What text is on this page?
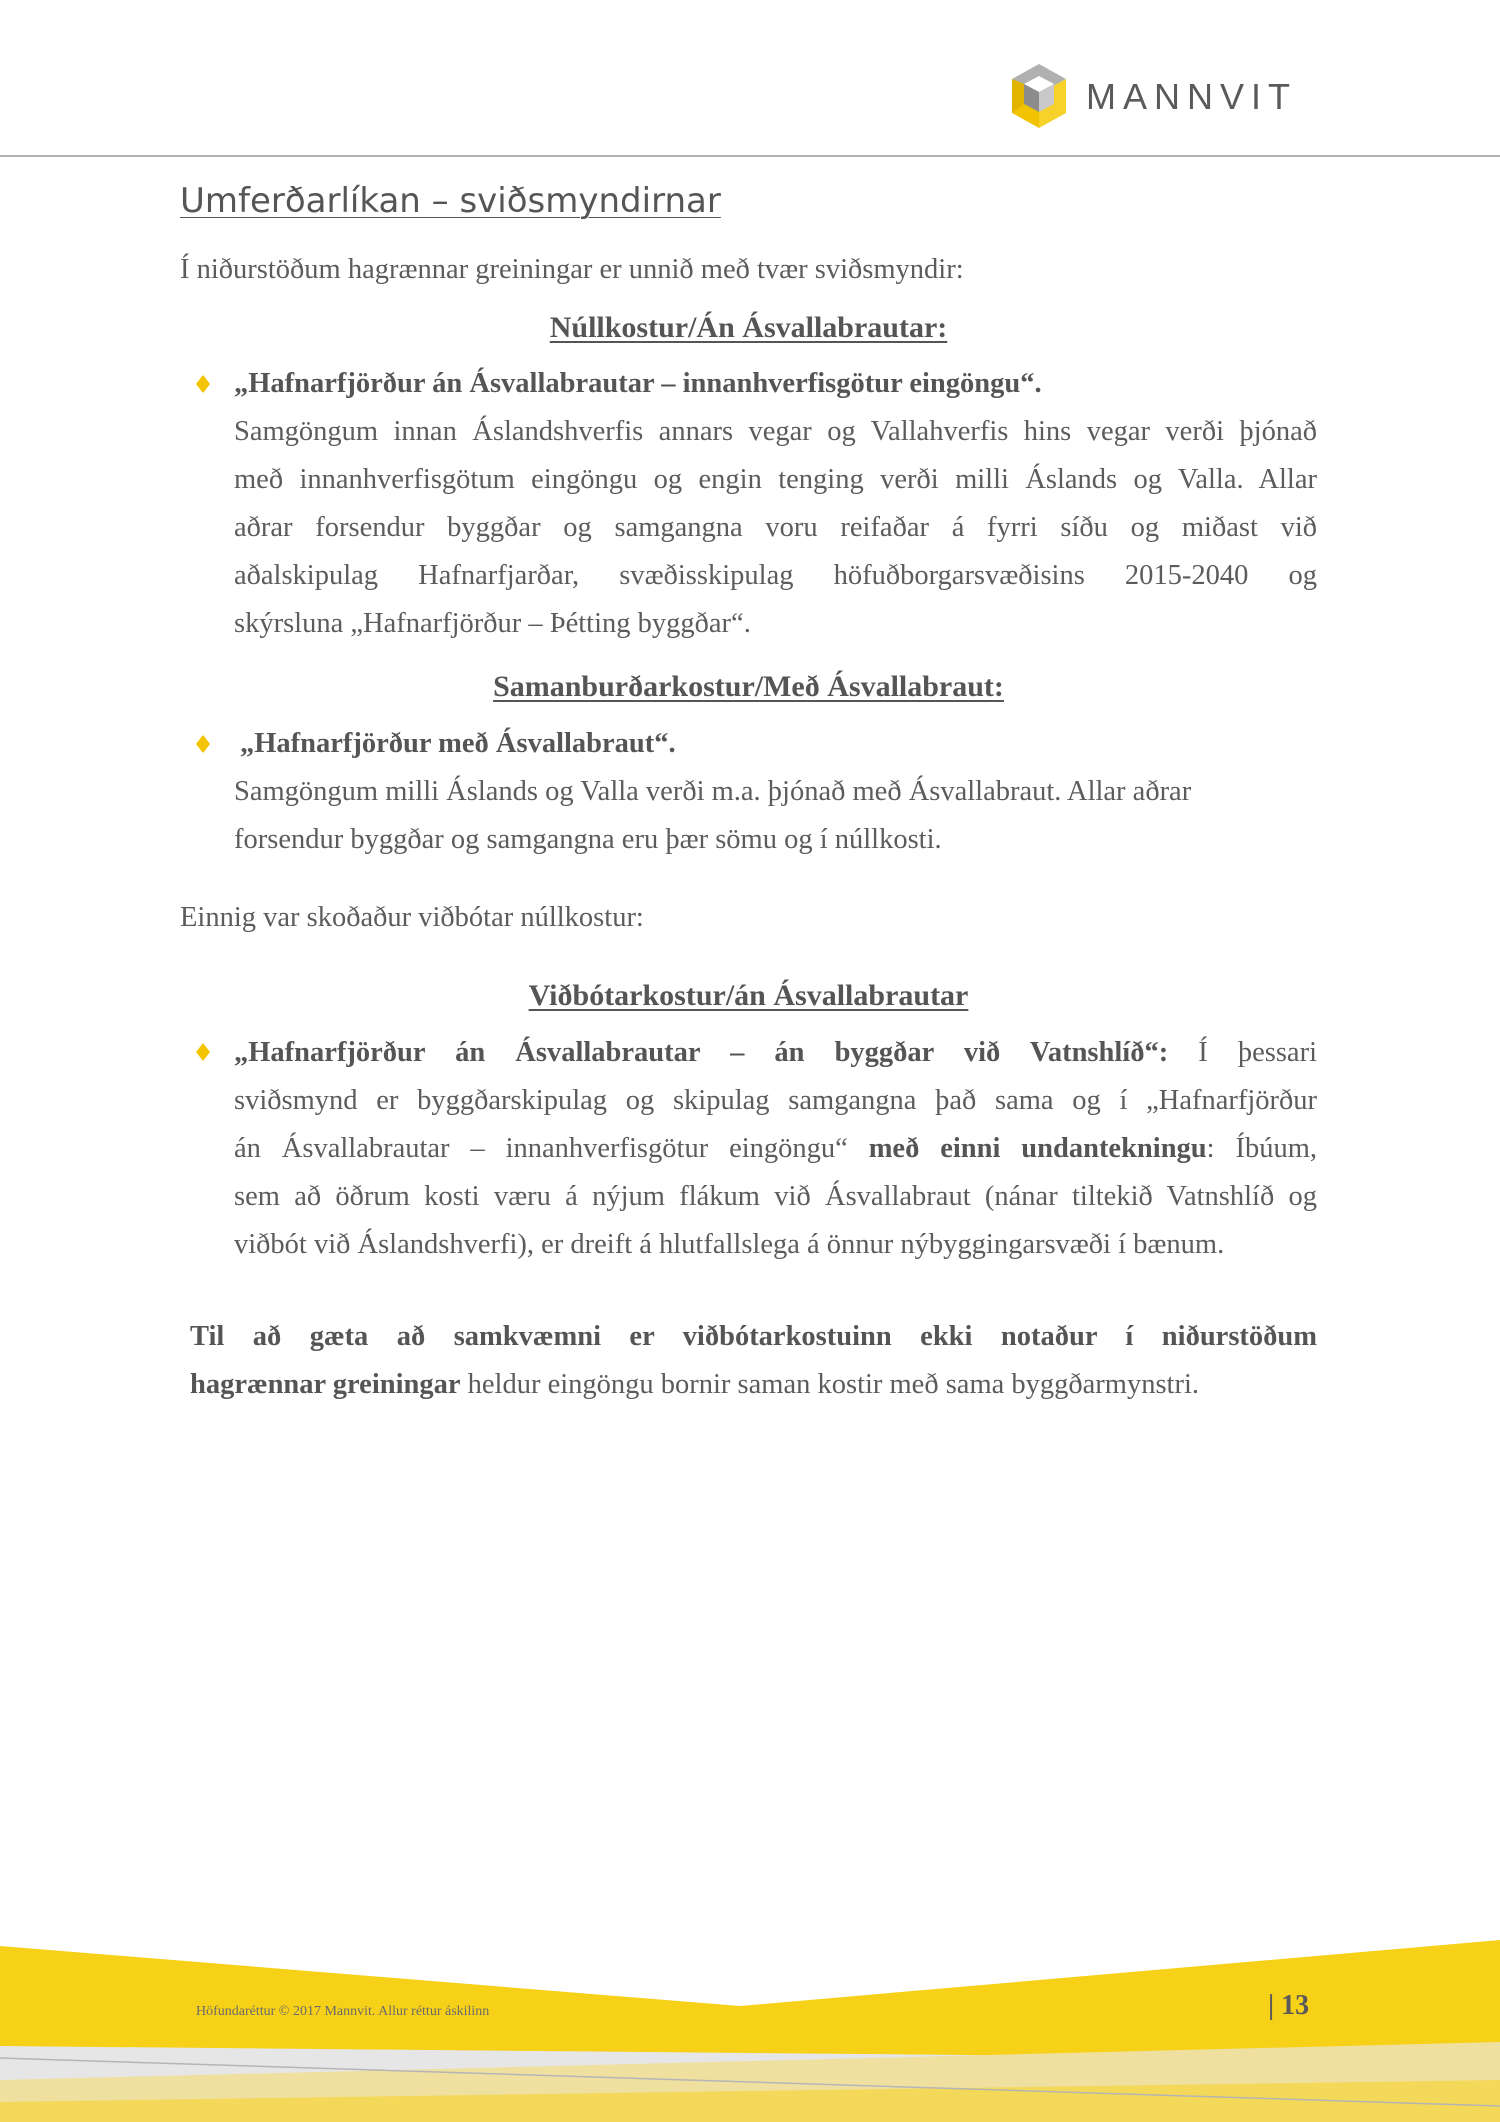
MANNVIT
Umferðarlíkan – sviðsmyndirnar

Í niðurstöðum hagrænnar greiningar er unnið með tvær sviðsmyndir:

Núllkostur/Án Ásvallabrautar:
„Hafnarfjörður án Ásvallabrautar – innanhverfisgötur eingöngu“.
Samgöngum innan Áslandshverfis annars vegar og Vallahverfis hins vegar verði þjónað
með innanhverfisgötum eingöngu og engin tenging verði milli Áslands og Valla. Allar
aðrar forsendur byggðar og samgangna voru reifaðar á fyrri síðu og miðast við
aðalskipulag Hafnarfjarðar, svæðisskipulag höfuðborgarsvæðisins 2015-2040 og
skýrsluna „Hafnarfjörður – Þétting byggðar“.
Samanburðarkostur/Með Ásvallabraut:
„Hafnarfjörður með Ásvallabraut“.
Samgöngum milli Áslands og Valla verði m.a. þjónað með Ásvallabraut. Allar aðrar
forsendur byggðar og samgangna eru þær sömu og í núllkosti.

Einnig var skoðaður viðbótar núllkostur:

Viðbótarkostur/án Ásvallabrautar
„Hafnarfjörður án Ásvallabrautar – án byggðar við Vatnshlíð“: Í þessari
sviðsmynd er byggðarskipulag og skipulag samgangna það sama og í „Hafnarfjörður
án Ásvallabrautar – innanhverfisgötur eingöngu“ með einni undantekningu: Íbúum,
sem að öðrum kosti væru á nýjum flákum við Ásvallabraut (nánar tiltekið Vatnshlíð og
viðbót við Áslandshverfi), er dreift á hlutfallslega á önnur nýbyggingarsvæði í bænum.
Til að gæta að samkvæmni er viðbótarkostuinn ekki notaður í niðurstöðum
hagrænnar greiningar heldur eingöngu bornir saman kostir með sama byggðarmynstri.

Höfundaréttur © 2017 Mannvit. Allur réttur áskilinn	| 13
